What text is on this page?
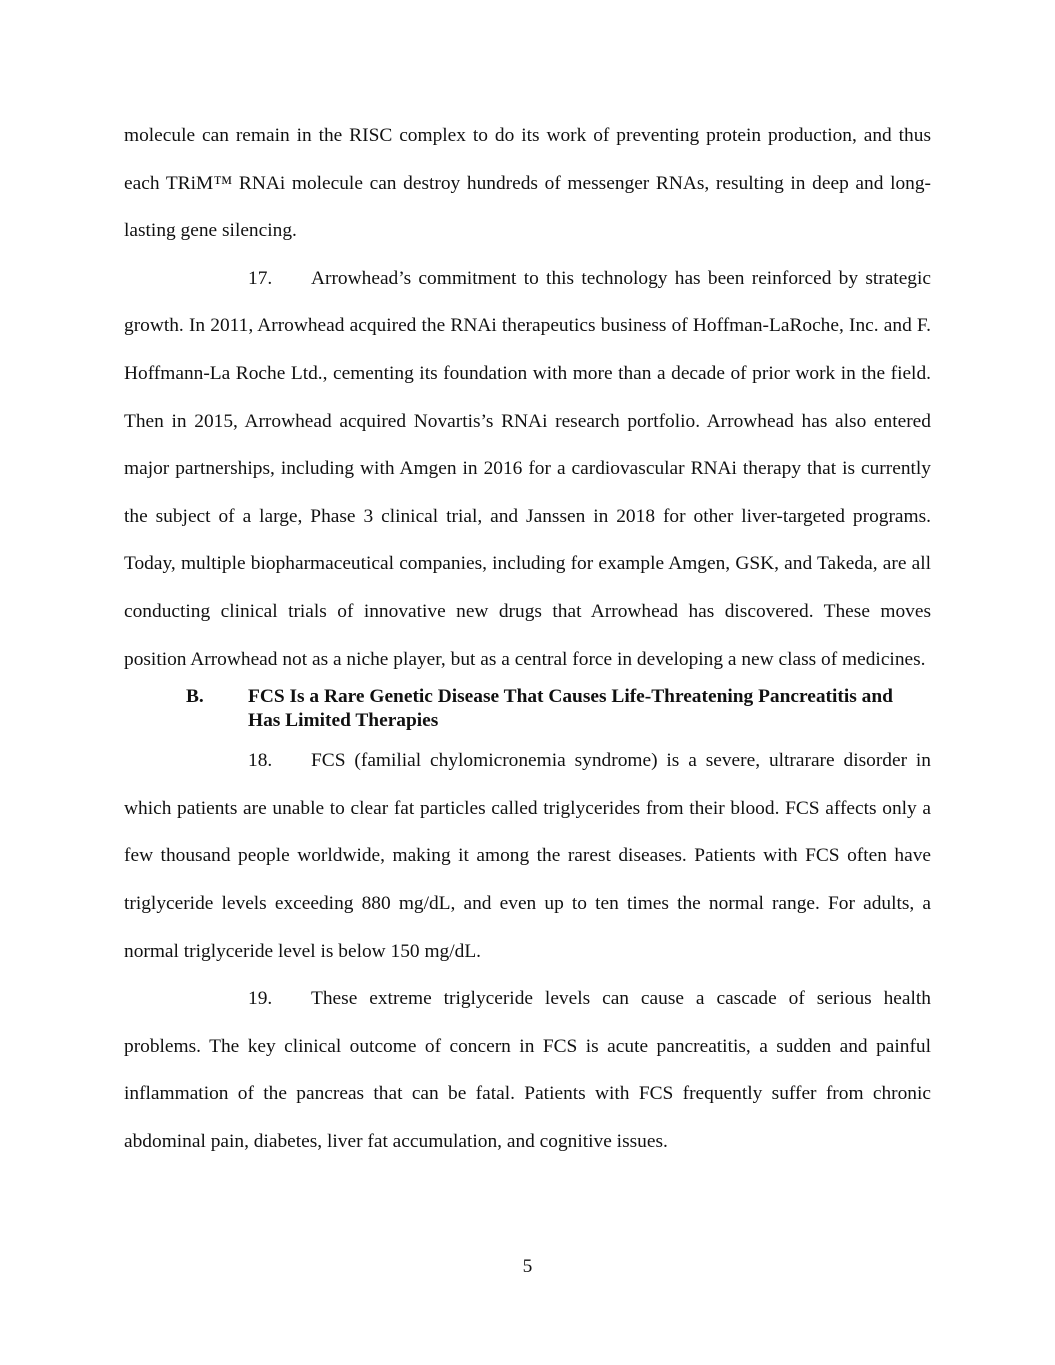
molecule can remain in the RISC complex to do its work of preventing protein production, and thus each TRiM™ RNAi molecule can destroy hundreds of messenger RNAs, resulting in deep and long-lasting gene silencing.

17.  Arrowhead’s commitment to this technology has been reinforced by strategic growth. In 2011, Arrowhead acquired the RNAi therapeutics business of Hoffman-LaRoche, Inc. and F. Hoffmann-La Roche Ltd., cementing its foundation with more than a decade of prior work in the field. Then in 2015, Arrowhead acquired Novartis’s RNAi research portfolio. Arrowhead has also entered major partnerships, including with Amgen in 2016 for a cardiovascular RNAi therapy that is currently the subject of a large, Phase 3 clinical trial, and Janssen in 2018 for other liver-targeted programs. Today, multiple biopharmaceutical companies, including for example Amgen, GSK, and Takeda, are all conducting clinical trials of innovative new drugs that Arrowhead has discovered. These moves position Arrowhead not as a niche player, but as a central force in developing a new class of medicines.

B.	FCS Is a Rare Genetic Disease That Causes Life-Threatening Pancreatitis and Has Limited Therapies

18.  FCS (familial chylomicronemia syndrome) is a severe, ultrarare disorder in which patients are unable to clear fat particles called triglycerides from their blood. FCS affects only a few thousand people worldwide, making it among the rarest diseases. Patients with FCS often have triglyceride levels exceeding 880 mg/dL, and even up to ten times the normal range. For adults, a normal triglyceride level is below 150 mg/dL.

19.  These extreme triglyceride levels can cause a cascade of serious health problems. The key clinical outcome of concern in FCS is acute pancreatitis, a sudden and painful inflammation of the pancreas that can be fatal. Patients with FCS frequently suffer from chronic abdominal pain, diabetes, liver fat accumulation, and cognitive issues.

5
